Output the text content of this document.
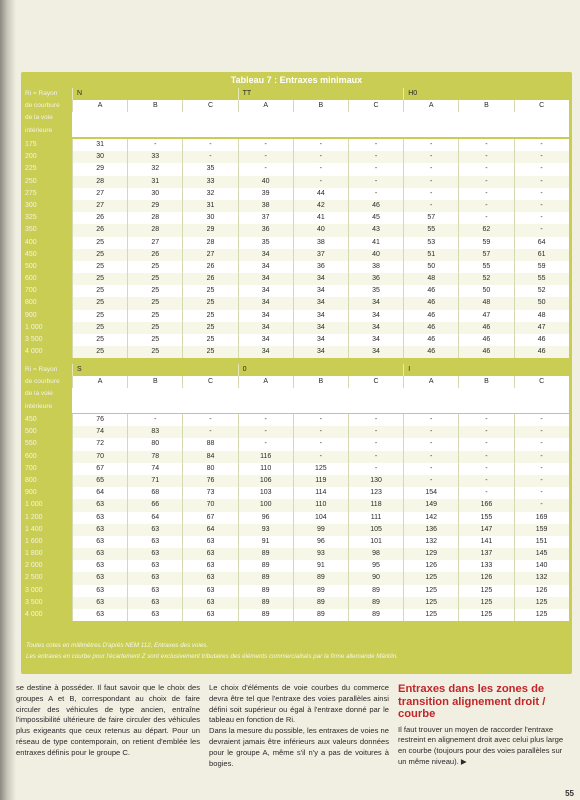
Tableau 7 : Entraxes minimaux
Ri = Rayon
de courbure
de la voie
intérieure
N	TT	H0
A	B	C	A	B	C	A	B	C
175	31	-	-	-	-	-	-	-	-
200	30	33	-	-	-	-	-	-	-
225	29	32	35	-	-	-	-	-	-
250	28	31	33	40	-	-	-	-	-
275	27	30	32	39	44	-	-	-	-
300	27	29	31	38	42	46	-	-	-
325	26	28	30	37	41	45	57	-	-
350	26	28	29	36	40	43	55	62	-
400	25	27	28	35	38	41	53	59	64
450	25	26	27	34	37	40	51	57	61
500	25	25	26	34	36	38	50	55	59
600	25	25	26	34	34	36	48	52	55
700	25	25	25	34	34	35	46	50	52
800	25	25	25	34	34	34	46	48	50
900	25	25	25	34	34	34	46	47	48
1 000	25	25	25	34	34	34	46	46	47
3 500	25	25	25	34	34	34	46	46	46
4 000	25	25	25	34	34	34	46	46	46
Ri = Rayon
de courbure
de la voie
intérieure
S	0	I
A	B	C	A	B	C	A	B	C
450	76	-	-	-	-	-	-	-	-
500	74	83	-	-	-	-	-	-	-
550	72	80	88	-	-	-	-	-	-
600	70	78	84	116	-	-	-	-	-
700	67	74	80	110	125	-	-	-	-
800	65	71	76	106	119	130	-	-	-
900	64	68	73	103	114	123	154	-	-
1 000	63	66	70	100	110	118	149	166	-
1 200	63	64	67	96	104	111	142	155	169
1 400	63	63	64	93	99	105	136	147	159
1 600	63	63	63	91	96	101	132	141	151
1 800	63	63	63	89	93	98	129	137	145
2 000	63	63	63	89	91	95	126	133	140
2 500	63	63	63	89	89	90	125	126	132
3 000	63	63	63	89	89	89	125	125	126
3 500	63	63	63	89	89	89	125	125	125
4 000	63	63	63	89	89	89	125	125	125
Toutes cotes en millimètres D'après NEM 112, Entraxes des voies.
Les entraxes en courbe pour l'écartement Z sont exclusivement tributaires des éléments commercialisés par la firme allemande Märklin.
se destine à posséder. Il faut savoir que le choix des groupes A et B, correspondant au choix de faire circuler des véhicules de type ancien, entraîne l'impossibilité ultérieure de faire circuler des véhicules plus exigeants que ceux retenus au départ. Pour un réseau de type contemporain, on retient d'emblée les entraxes définis pour le groupe C.
Le choix d'éléments de voie courbes du commerce devra être tel que l'entraxe des voies parallèles ainsi défini soit supérieur ou égal à l'entraxe donné par le tableau en fonction de Ri.
Dans la mesure du possible, les entraxes de voies ne devraient jamais être inférieurs aux valeurs données pour le groupe A, même s'il n'y a pas de voitures à bogies.
Entraxes dans les zones de transition alignement droit / courbe
Il faut trouver un moyen de raccorder l'entraxe restreint en alignement droit avec celui plus large en courbe (toujours pour des voies parallèles sur un même niveau). ▶
55
